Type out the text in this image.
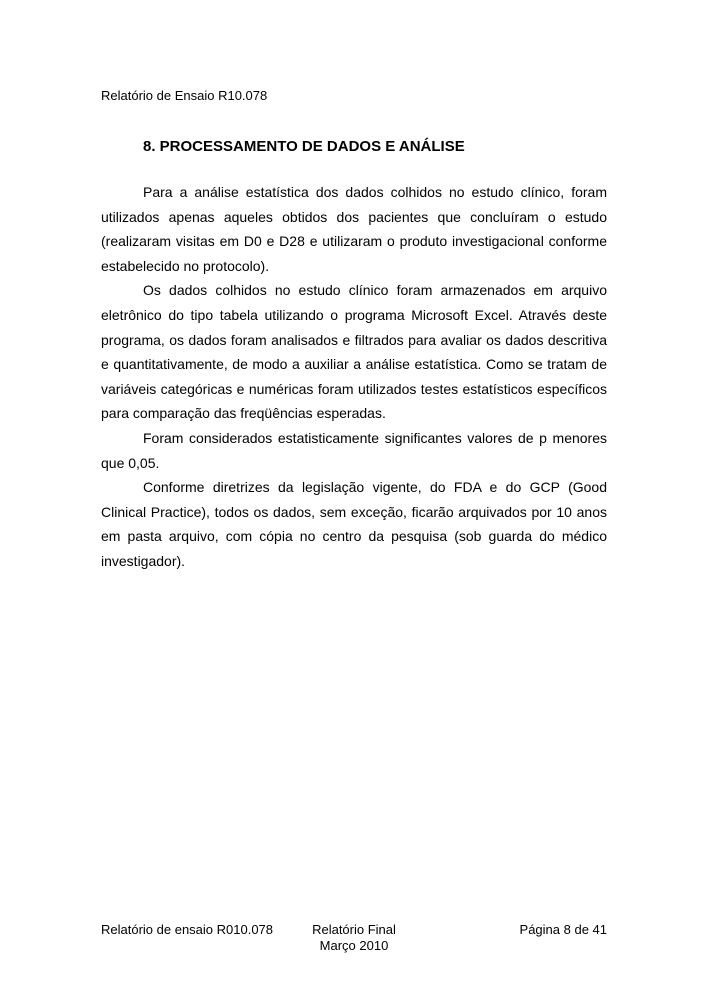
Relatório de Ensaio R10.078
8. PROCESSAMENTO DE DADOS E ANÁLISE

Para a análise estatística dos dados colhidos no estudo clínico, foram utilizados apenas aqueles obtidos dos pacientes que concluíram o estudo (realizaram visitas em D0 e D28 e utilizaram o produto investigacional conforme estabelecido no protocolo).

Os dados colhidos no estudo clínico foram armazenados em arquivo eletrônico do tipo tabela utilizando o programa Microsoft Excel. Através deste programa, os dados foram analisados e filtrados para avaliar os dados descritiva e quantitativamente, de modo a auxiliar a análise estatística. Como se tratam de variáveis categóricas e numéricas foram utilizados testes estatísticos específicos para comparação das freqüências esperadas.

Foram considerados estatisticamente significantes valores de p menores que 0,05.

Conforme diretrizes da legislação vigente, do FDA e do GCP (Good Clinical Practice), todos os dados, sem exceção, ficarão arquivados por 10 anos em pasta arquivo, com cópia no centro da pesquisa (sob guarda do médico investigador).

Relatório de ensaio R010.078	Relatório Final
Março 2010
Página 8 de 41
